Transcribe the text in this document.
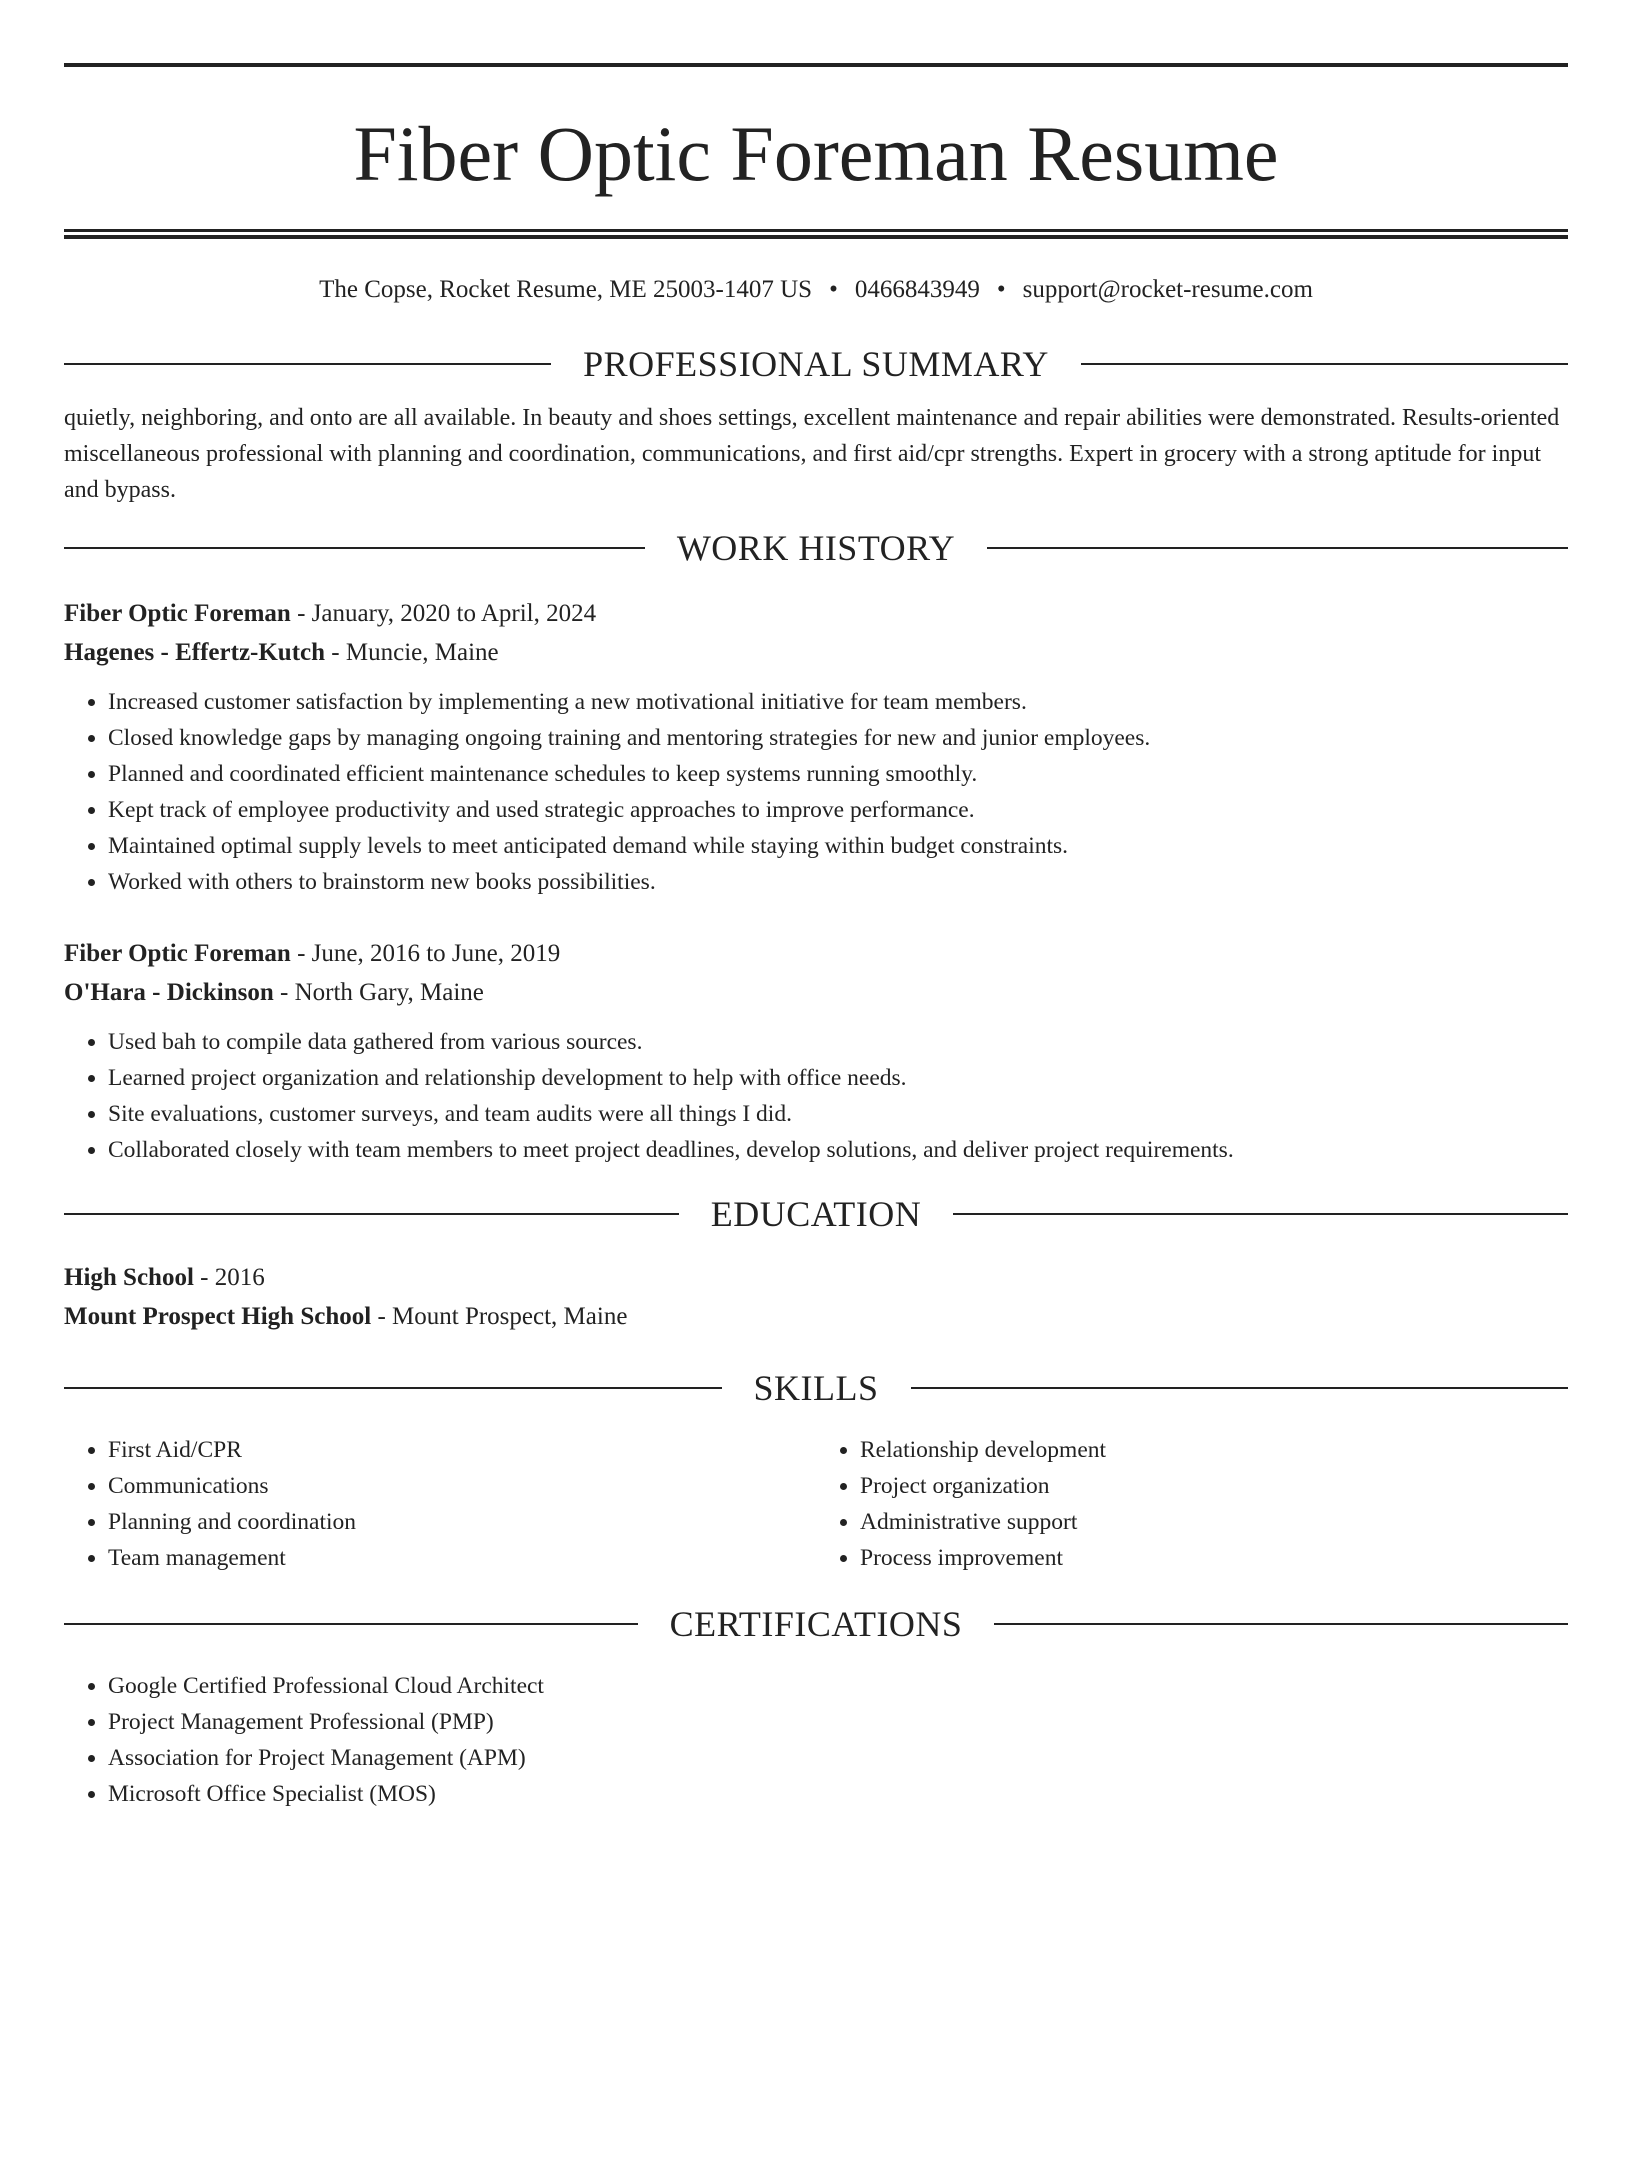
Fiber Optic Foreman Resume
The Copse, Rocket Resume, ME 25003-1407 US • 0466843949 • support@rocket-resume.com
PROFESSIONAL SUMMARY
quietly, neighboring, and onto are all available. In beauty and shoes settings, excellent maintenance and repair abilities were demonstrated. Results-oriented miscellaneous professional with planning and coordination, communications, and first aid/cpr strengths. Expert in grocery with a strong aptitude for input and bypass.
WORK HISTORY
Fiber Optic Foreman - January, 2020 to April, 2024
Hagenes - Effertz-Kutch - Muncie, Maine
• Increased customer satisfaction by implementing a new motivational initiative for team members.
• Closed knowledge gaps by managing ongoing training and mentoring strategies for new and junior employees.
• Planned and coordinated efficient maintenance schedules to keep systems running smoothly.
• Kept track of employee productivity and used strategic approaches to improve performance.
• Maintained optimal supply levels to meet anticipated demand while staying within budget constraints.
• Worked with others to brainstorm new books possibilities.
Fiber Optic Foreman - June, 2016 to June, 2019
O'Hara - Dickinson - North Gary, Maine
• Used bah to compile data gathered from various sources.
• Learned project organization and relationship development to help with office needs.
• Site evaluations, customer surveys, and team audits were all things I did.
• Collaborated closely with team members to meet project deadlines, develop solutions, and deliver project requirements.
EDUCATION
High School - 2016
Mount Prospect High School - Mount Prospect, Maine
SKILLS
• First Aid/CPR
• Communications
• Planning and coordination
• Team management
• Relationship development
• Project organization
• Administrative support
• Process improvement
CERTIFICATIONS
• Google Certified Professional Cloud Architect
• Project Management Professional (PMP)
• Association for Project Management (APM)
• Microsoft Office Specialist (MOS)
